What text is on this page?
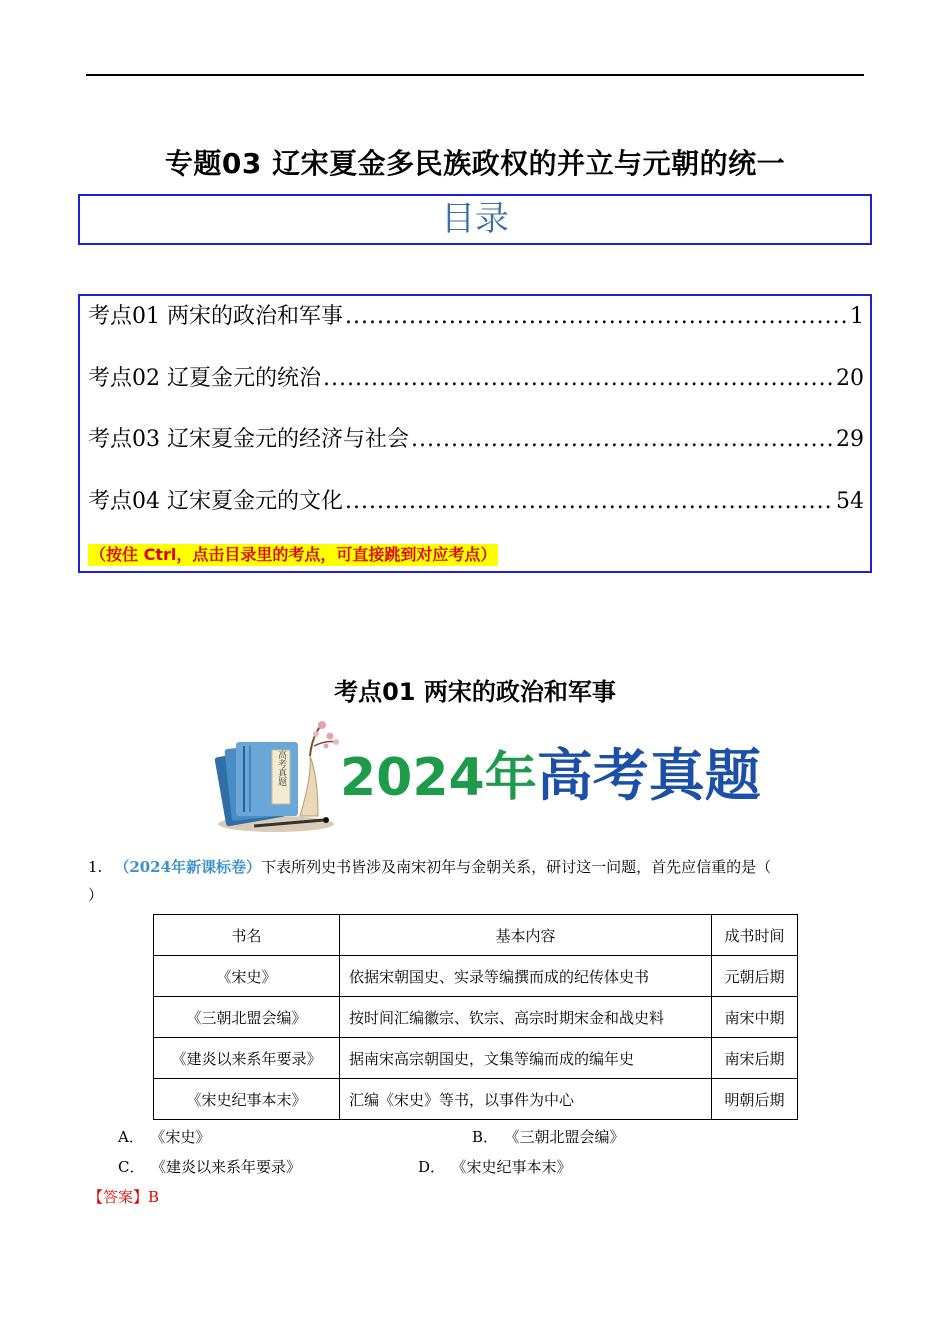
专题03 辽宋夏金多民族政权的并立与元朝的统一
目录
考点01 两宋的政治和军事 .....	1
考点02 辽夏金元的统治 .....	20
考点03 辽宋夏金元的经济与社会 .....	29
考点04 辽宋夏金元的文化 .....	54
（按住 Ctrl，点击目录里的考点，可直接跳到对应考点）
考点01 两宋的政治和军事
高考真题 2024年高考真题
1. （2024年新课标卷）下表所列史书皆涉及南宋初年与金朝关系，研讨这一问题，首先应信重的是（
）
书名	基本内容	成书时间
《宋史》	依据宋朝国史、实录等编撰而成的纪传体史书	元朝后期
《三朝北盟会编》	按时间汇编徽宗、钦宗、高宗时期宋金和战史料	南宋中期
《建炎以来系年要录》	据南宋高宗朝国史，文集等编而成的编年史	南宋后期
《宋史纪事本末》	汇编《宋史》等书，以事件为中心	明朝后期
A． 《宋史》	B． 《三朝北盟会编》
C． 《建炎以来系年要录》	D． 《宋史纪事本末》
【答案】B
